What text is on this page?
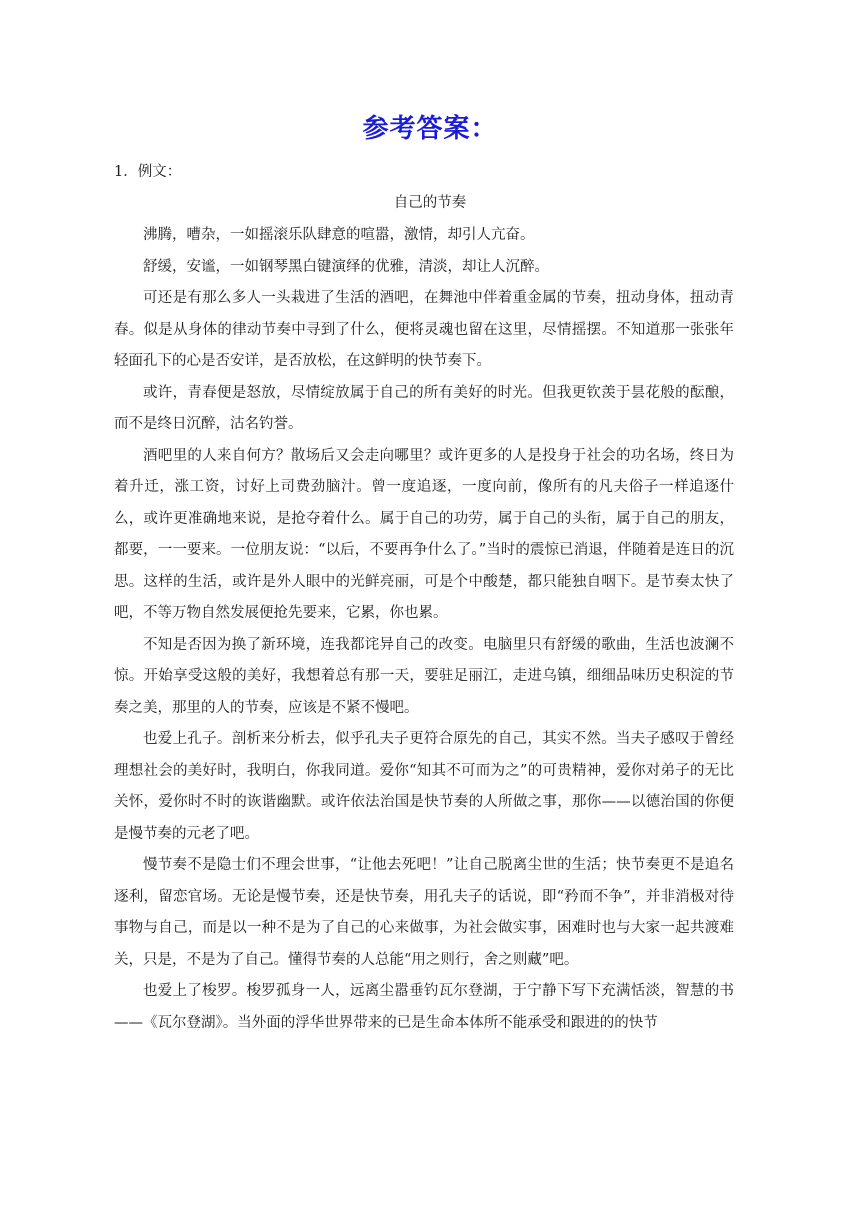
参考答案：
1．例文：
自己的节奏

沸腾，嘈杂，一如摇滚乐队肆意的喧嚣，激情，却引人亢奋。

舒缓，安谧，一如钢琴黑白键演绎的优雅，清淡，却让人沉醉。

可还是有那么多人一头栽进了生活的酒吧，在舞池中伴着重金属的节奏，扭动身体，扭动青春。似是从身体的律动节奏中寻到了什么，便将灵魂也留在这里，尽情摇摆。不知道那一张张年轻面孔下的心是否安详，是否放松，在这鲜明的快节奏下。

或许，青春便是怒放，尽情绽放属于自己的所有美好的时光。但我更钦羡于昙花般的酝酿，而不是终日沉醉，沽名钓誉。

酒吧里的人来自何方？散场后又会走向哪里？或许更多的人是投身于社会的功名场，终日为着升迁，涨工资，讨好上司费劲脑汁。曾一度追逐，一度向前，像所有的凡夫俗子一样追逐什么，或许更准确地来说，是抢夺着什么。属于自己的功劳，属于自己的头衔，属于自己的朋友，都要，一一要来。一位朋友说：“以后，不要再争什么了。”当时的震惊已消退，伴随着是连日的沉思。这样的生活，或许是外人眼中的光鲜亮丽，可是个中酸楚，都只能独自咽下。是节奏太快了吧，不等万物自然发展便抢先要来，它累，你也累。

不知是否因为换了新环境，连我都诧异自己的改变。电脑里只有舒缓的歌曲，生活也波澜不惊。开始享受这般的美好，我想着总有那一天，要驻足丽江，走进乌镇，细细品味历史积淀的节奏之美，那里的人的节奏，应该是不紧不慢吧。

也爱上孔子。剖析来分析去，似乎孔夫子更符合原先的自己，其实不然。当夫子感叹于曾经理想社会的美好时，我明白，你我同道。爱你“知其不可而为之”的可贵精神，爱你对弟子的无比关怀，爱你时不时的诙谐幽默。或许依法治国是快节奏的人所做之事，那你——以德治国的你便是慢节奏的元老了吧。

慢节奏不是隐士们不理会世事，“让他去死吧！”让自己脱离尘世的生活；快节奏更不是追名逐利，留恋官场。无论是慢节奏，还是快节奏，用孔夫子的话说，即“矜而不争”，并非消极对待事物与自己，而是以一种不是为了自己的心来做事，为社会做实事，困难时也与大家一起共渡难关，只是，不是为了自己。懂得节奏的人总能“用之则行，舍之则藏”吧。

也爱上了梭罗。梭罗孤身一人，远离尘嚣垂钓瓦尔登湖，于宁静下写下充满恬淡，智慧的书——《瓦尔登湖》。当外面的浮华世界带来的已是生命本体所不能承受和跟进的的快节
